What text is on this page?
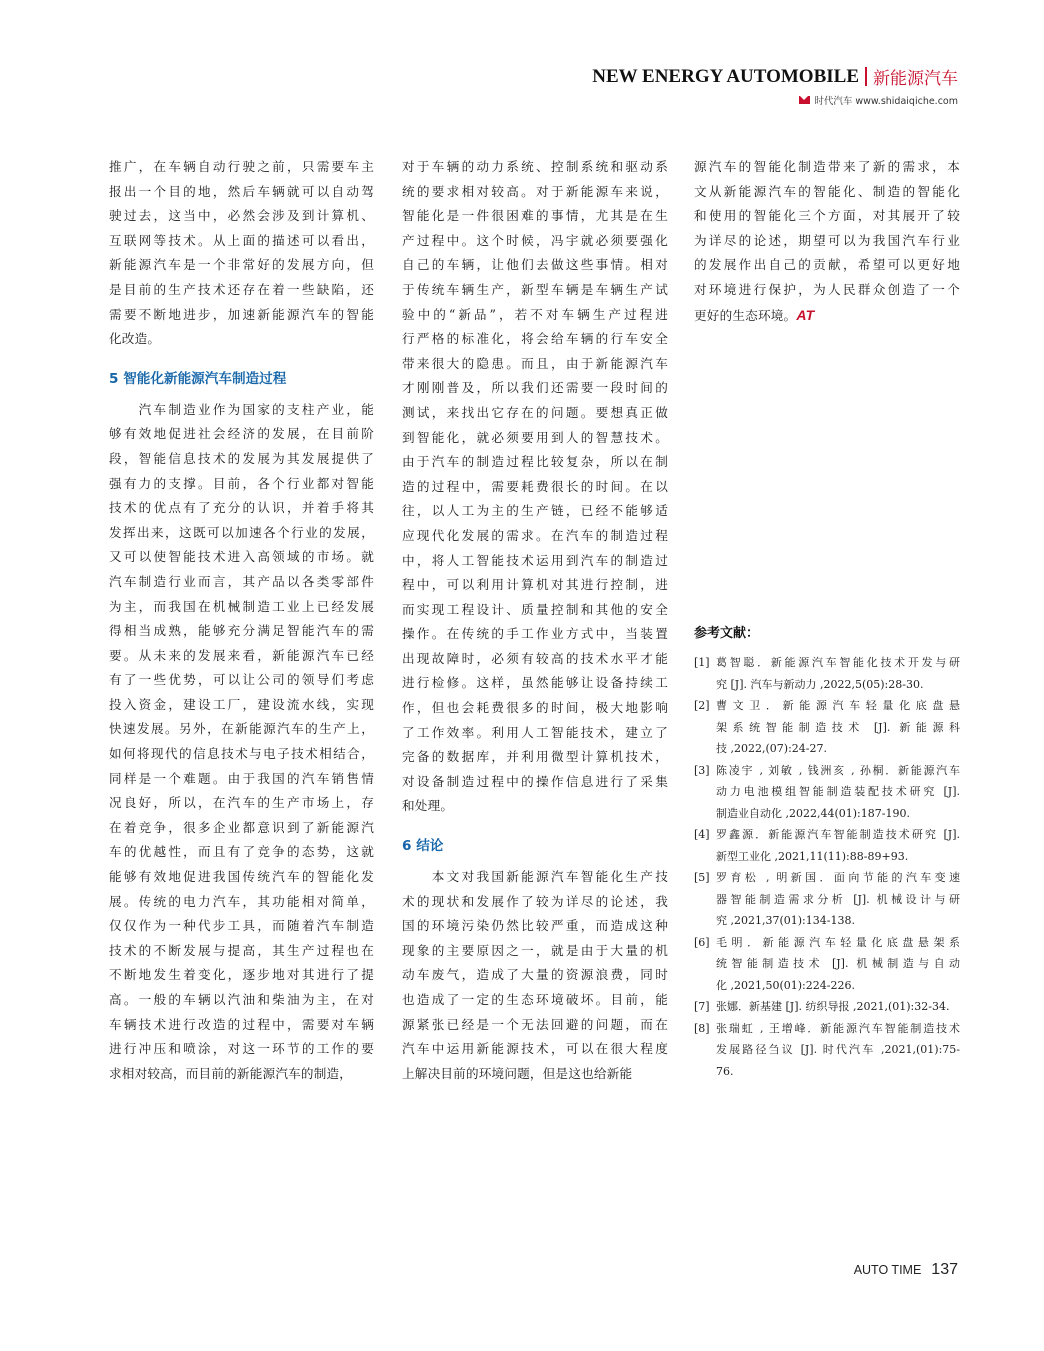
NEW ENERGY AUTOMOBILE 新能源汽车
时代汽车 www.shidaiqiche.com
推广，在车辆自动行驶之前，只需要车主
报出一个目的地，然后车辆就可以自动驾
驶过去，这当中，必然会涉及到计算机、
互联网等技术。从上面的描述可以看出，
新能源汽车是一个非常好的发展方向，但
是目前的生产技术还存在着一些缺陷，还
需要不断地进步，加速新能源汽车的智能
化改造。
5 智能化新能源汽车制造过程
　　汽车制造业作为国家的支柱产业，能
够有效地促进社会经济的发展，在目前阶
段，智能信息技术的发展为其发展提供了
强有力的支撑。目前，各个行业都对智能
技术的优点有了充分的认识，并着手将其
发挥出来，这既可以加速各个行业的发展，
又可以使智能技术进入高领域的市场。就
汽车制造行业而言，其产品以各类零部件
为主，而我国在机械制造工业上已经发展
得相当成熟，能够充分满足智能汽车的需
要。从未来的发展来看，新能源汽车已经
有了一些优势，可以让公司的领导们考虑
投入资金，建设工厂，建设流水线，实现
快速发展。另外，在新能源汽车的生产上，
如何将现代的信息技术与电子技术相结合，
同样是一个难题。由于我国的汽车销售情
况良好，所以，在汽车的生产市场上，存
在着竞争，很多企业都意识到了新能源汽
车的优越性，而且有了竞争的态势，这就
能够有效地促进我国传统汽车的智能化发
展。传统的电力汽车，其功能相对简单，
仅仅作为一种代步工具，而随着汽车制造
技术的不断发展与提高，其生产过程也在
不断地发生着变化，逐步地对其进行了提
高。一般的车辆以汽油和柴油为主，在对
车辆技术进行改造的过程中，需要对车辆
进行冲压和喷涂，对这一环节的工作的要
求相对较高，而目前的新能源汽车的制造，
对于车辆的动力系统、控制系统和驱动系
统的要求相对较高。对于新能源车来说，
智能化是一件很困难的事情，尤其是在生
产过程中。这个时候，冯宇就必须要强化
自己的车辆，让他们去做这些事情。相对
于传统车辆生产，新型车辆是车辆生产试
验中的“新品”，若不对车辆生产过程进
行严格的标准化，将会给车辆的行车安全
带来很大的隐患。而且，由于新能源汽车
才刚刚普及，所以我们还需要一段时间的
测试，来找出它存在的问题。要想真正做
到智能化，就必须要用到人的智慧技术。
由于汽车的制造过程比较复杂，所以在制
造的过程中，需要耗费很长的时间。在以
往，以人工为主的生产链，已经不能够适
应现代化发展的需求。在汽车的制造过程
中，将人工智能技术运用到汽车的制造过
程中，可以利用计算机对其进行控制，进
而实现工程设计、质量控制和其他的安全
操作。在传统的手工作业方式中，当装置
出现故障时，必须有较高的技术水平才能
进行检修。这样，虽然能够让设备持续工
作，但也会耗费很多的时间，极大地影响
了工作效率。利用人工智能技术，建立了
完备的数据库，并利用微型计算机技术，
对设备制造过程中的操作信息进行了采集
和处理。
6 结论
　　本文对我国新能源汽车智能化生产技
术的现状和发展作了较为详尽的论述，我
国的环境污染仍然比较严重，而造成这种
现象的主要原因之一，就是由于大量的机
动车废气，造成了大量的资源浪费，同时
也造成了一定的生态环境破坏。目前，能
源紧张已经是一个无法回避的问题，而在
汽车中运用新能源技术，可以在很大程度
上解决目前的环境问题，但是这也给新能
源汽车的智能化制造带来了新的需求，本
文从新能源汽车的智能化、制造的智能化
和使用的智能化三个方面，对其展开了较
为详尽的论述，期望可以为我国汽车行业
的发展作出自己的贡献，希望可以更好地
对环境进行保护，为人民群众创造了一个
更好的生态环境。AT
参考文献：
[1] 葛智聪．新能源汽车智能化技术开发与研
究 [J]. 汽车与新动力 ,2022,5(05):28-30.
[2] 曹文卫．新能源汽车轻量化底盘悬
架系统智能制造技术 [J]. 新能源科
技 ,2022,(07):24-27.
[3] 陈凌宇 , 刘敏 , 钱洲亥 , 孙桐．新能源汽车
动力电池模组智能制造装配技术研究 [J].
制造业自动化 ,2022,44(01):187-190.
[4] 罗鑫源．新能源汽车智能制造技术研究 [J].
新型工业化 ,2021,11(11):88-89+93.
[5] 罗育松 , 明新国．面向节能的汽车变速
器智能制造需求分析 [J]. 机械设计与研
究 ,2021,37(01):134-138.
[6] 毛明．新能源汽车轻量化底盘悬架系
统智能制造技术 [J]. 机械制造与自动
化 ,2021,50(01):224-226.
[7] 张娜．新基建 [J]. 纺织导报 ,2021,(01):32-34.
[8] 张瑞虹 , 王增峰．新能源汽车智能制造技术
发展路径刍议 [J]. 时代汽车 ,2021,(01):75-
76.
AUTO TIME 137
